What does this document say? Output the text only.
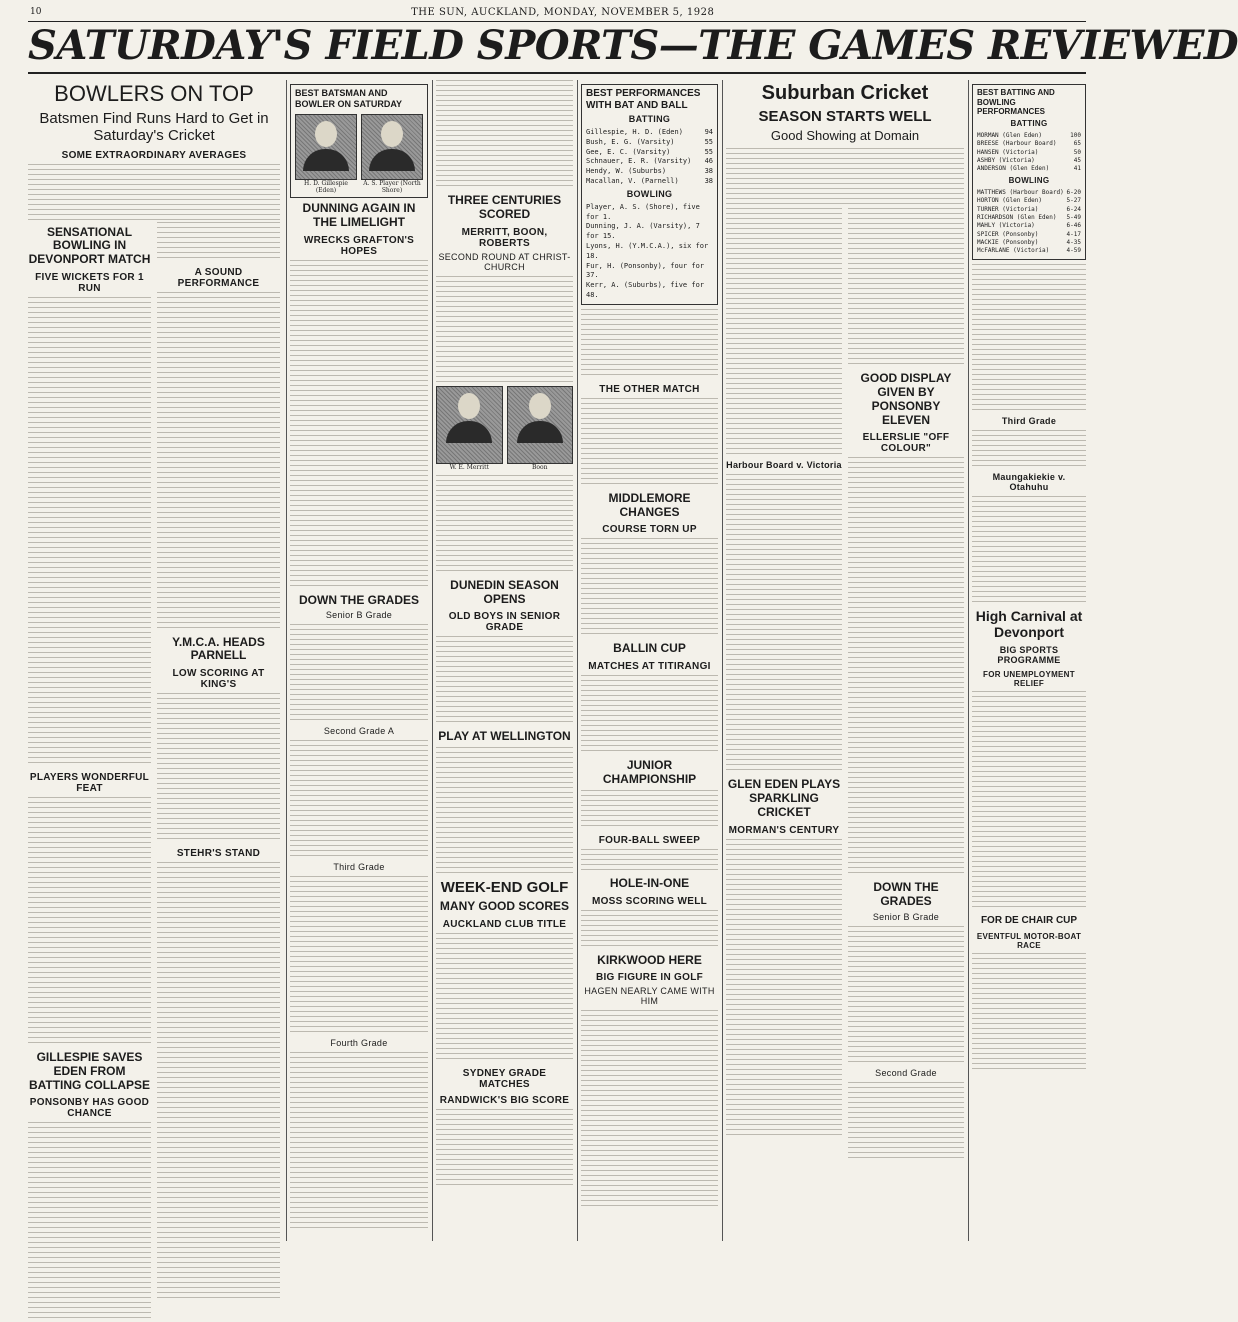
10	THE SUN, AUCKLAND, MONDAY, NOVEMBER 5, 1928
SATURDAY'S FIELD SPORTS—THE GAMES REVIEWED
BOWLERS ON TOP
Batsmen Find Runs Hard to Get in Saturday's Cricket
SOME EXTRAORDINARY AVERAGES
SENSATIONAL BOWLING IN DEVONPORT MATCH
FIVE WICKETS FOR 1 RUN
PLAYERS WONDERFUL FEAT
GILLESPIE SAVES EDEN FROM BATTING COLLAPSE
PONSONBY HAS GOOD CHANCE
A SOUND PERFORMANCE
Y.M.C.A. HEADS PARNELL
LOW SCORING AT KING'S
STEHR'S STAND
BEST BATSMAN AND BOWLER ON SATURDAY
H. D. Gillespie (Eden)
A. S. Player (North Shore)
DUNNING AGAIN IN THE LIMELIGHT
WRECKS GRAFTON'S HOPES
DOWN THE GRADES
Senior B Grade
Second Grade A
Third Grade
Fourth Grade
THREE CENTURIES SCORED
MERRITT, BOON, ROBERTS
SECOND ROUND AT CHRIST-CHURCH
W. E. Merritt	Boon
DUNEDIN SEASON OPENS
OLD BOYS IN SENIOR GRADE
PLAY AT WELLINGTON
WEEK-END GOLF
MANY GOOD SCORES
AUCKLAND CLUB TITLE
SYDNEY GRADE MATCHES
RANDWICK'S BIG SCORE
BEST PERFORMANCES WITH BAT AND BALL
BATTING
Gillespie, H. D. (Eden)	94
Bush, E. G. (Varsity)	55
Gee, E. C. (Varsity)	55
Schnauer, E. R. (Varsity) 46
Hendy, W. (Suburbs)	38
Macallan, V. (Parnell)	38
BOWLING
Player, A. S. (Shore), five for 1.
Dunning, J. A. (Varsity), 7 for 15.
Lyons, H. (Y.M.C.A.), six for 18.
Fur, H. (Ponsonby), four for 37.
Kerr, A. (Suburbs), five for 48.
THE OTHER MATCH
MIDDLEMORE CHANGES
COURSE TORN UP
BALLIN CUP
MATCHES AT TITIRANGI
JUNIOR CHAMPIONSHIP
FOUR-BALL SWEEP
HOLE-IN-ONE
MOSS SCORING WELL
KIRKWOOD HERE
BIG FIGURE IN GOLF
HAGEN NEARLY CAME WITH HIM
Suburban Cricket
SEASON STARTS WELL
Good Showing at Domain
Harbour Board v. Victoria
GLEN EDEN PLAYS SPARKLING CRICKET
MORMAN'S CENTURY
GOOD DISPLAY GIVEN BY PONSONBY ELEVEN
ELLERSLIE "OFF COLOUR"
DOWN THE GRADES
Senior B Grade
Second Grade
BEST BATTING AND BOWLING PERFORMANCES
BATTING
MORMAN (Glen Eden)	100
BREESE (Harbour Board)	65
HANSEN (Victoria)	50
ASHBY (Victoria)	45
ANDERSON (Glen Eden)	41
BOWLING
MATTHEWS (Harbour Board) 6-20
HORTON (Glen Eden)	5-27
TURNER (Victoria)	6-24
RICHARDSON (Glen Eden) 5-49
MAHLY (Victoria)	6-46
SPICER (Ponsonby)	4-17
MACKIE (Ponsonby)	4-35
McFARLANE (Victoria)	4-59
Third Grade
Maungakiekie v. Otahuhu
High Carnival at Devonport
BIG SPORTS PROGRAMME
FOR UNEMPLOYMENT RELIEF
FOR DE CHAIR CUP
EVENTFUL MOTOR-BOAT RACE
